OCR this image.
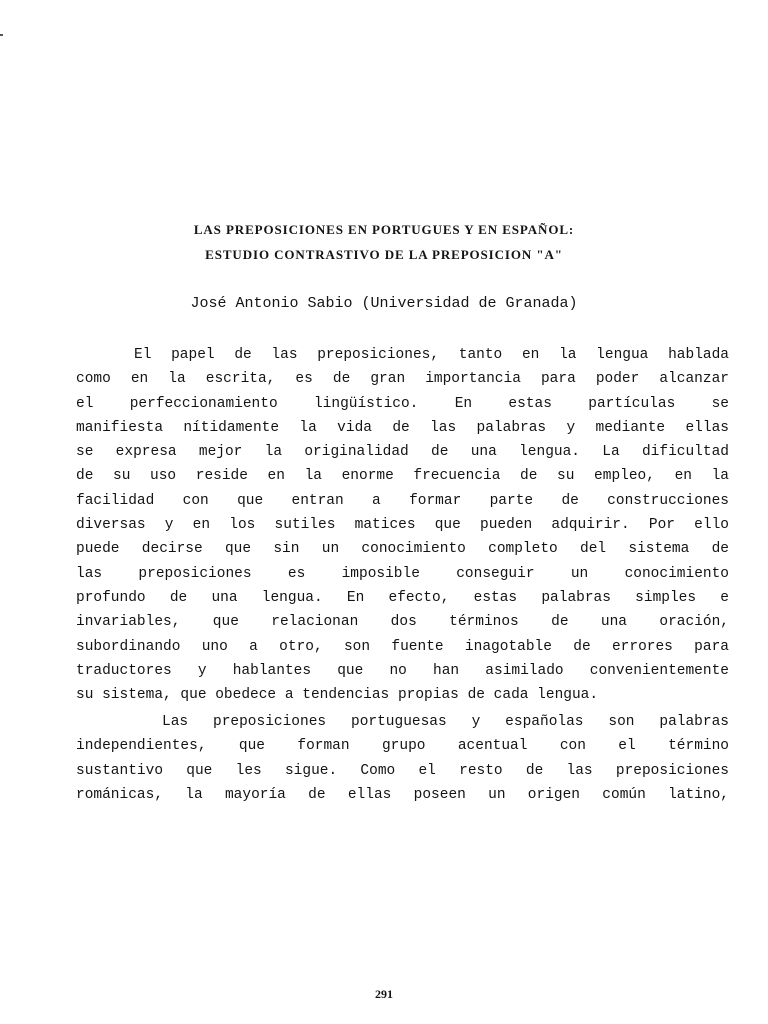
LAS PREPOSICIONES EN PORTUGUES Y EN ESPAÑOL:
ESTUDIO CONTRASTIVO DE LA PREPOSICION "A"
José Antonio Sabio (Universidad de Granada)
El papel de las preposiciones, tanto en la lengua hablada
como en la escrita, es de gran importancia para poder alcanzar
el perfeccionamiento lingüístico. En estas partículas se
manifiesta nítidamente la vida de las palabras y mediante ellas
se expresa mejor la originalidad de una lengua. La dificultad
de su uso reside en la enorme frecuencia de su empleo, en la
facilidad con que entran a formar parte de construcciones
diversas y en los sutiles matices que pueden adquirir. Por ello
puede decirse que sin un conocimiento completo del sistema de
las preposiciones es imposible conseguir un conocimiento
profundo de una lengua. En efecto, estas palabras simples e
invariables, que relacionan dos términos de una oración,
subordinando uno a otro, son fuente inagotable de errores para
traductores y hablantes que no han asimilado convenientemente
su sistema, que obedece a tendencias propias de cada lengua.
Las preposiciones portuguesas y españolas son palabras
independientes, que forman grupo acentual con el término
sustantivo que les sigue. Como el resto de las preposiciones
románicas, la mayoría de ellas poseen un origen común latino,
291
